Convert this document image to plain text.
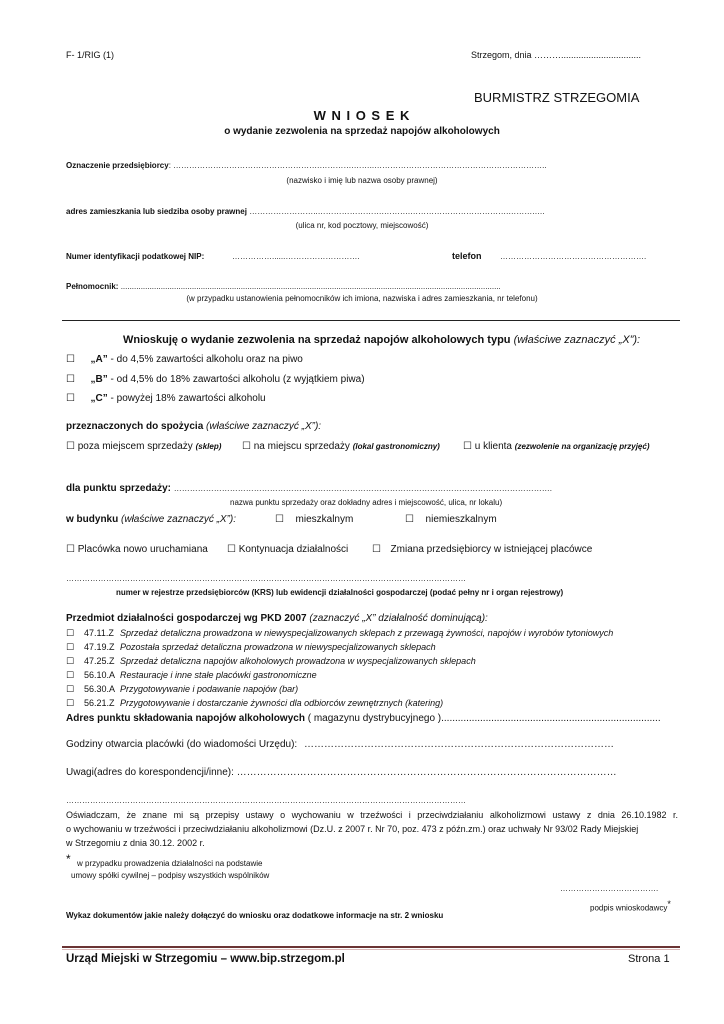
F- 1/RIG (1)	Strzegom, dnia ………................................
BURMISTRZ STRZEGOMIA
W N I O S E K
o wydanie zezwolenia na sprzedaż napojów alkoholowych
Oznaczenie przedsiębiorcy: ……………………………………………….………….……..………………………………………………………..
(nazwisko i imię lub nazwa osoby prawnej)
adres zamieszkania lub siedziba osoby prawnej ……………………..…………………….……….……………………………….……….….
(ulica nr, kod pocztowy, miejscowość)
Numer identyfikacji podatkowej NIP:	……………......……………………….	telefon ……………………………………………….
Pełnomocnik: ...........................................................................................................................................................................
(w przypadku ustanowienia pełnomocników ich imiona, nazwiska i adres zamieszkania, nr telefonu)
Wnioskuję o wydanie zezwolenia na sprzedaż napojów alkoholowych typu (właściwe zaznaczyć „X”):
☐ „A” - do 4,5% zawartości alkoholu oraz na piwo
☐ „B” - od 4,5% do 18% zawartości alkoholu (z wyjątkiem piwa)
☐ „C” - powyżej 18% zawartości alkoholu
przeznaczonych do spożycia (właściwe zaznaczyć „X”):
☐ poza miejscem sprzedaży (sklep) ☐ na miejscu sprzedaży (lokal gastronomiczny) ☐ u klienta (zezwolenie na organizację przyjęć)
dla punktu sprzedaży: …………………………………………………………………………………………………………………………….
nazwa punktu sprzedaży oraz dokładny adres i miejscowość, ulica, nr lokalu)
w budynku (właściwe zaznaczyć „X”):	☐ mieszkalnym	☐ niemieszkalnym
☐ Placówka nowo uruchamiana ☐ Kontynuacja działalności ☐ Zmiana przedsiębiorcy w istniejącej placówce
……………………………………………………………………………………………………………………………………
numer w rejestrze przedsiębiorców (KRS) lub ewidencji działalności gospodarczej (podać pełny nr i organ rejestrowy)
Przedmiot działalności gospodarczej wg PKD 2007 (zaznaczyć „X” działalność dominującą):
☐ 47.11.Z Sprzedaż detaliczna prowadzona w niewyspecjalizowanych sklepach z przewagą żywności, napojów i wyrobów tytoniowych
☐ 47.19.Z Pozostała sprzedaż detaliczna prowadzona w niewyspecjalizowanych sklepach
☐ 47.25.Z Sprzedaż detaliczna napojów alkoholowych prowadzona w wyspecjalizowanych sklepach
☐ 56.10.A Restauracje i inne stałe placówki gastronomiczne
☐ 56.30.A Przygotowywanie i podawanie napojów (bar)
☐ 56.21.Z Przygotowywanie i dostarczanie żywności dla odbiorców zewnętrznych (katering)
Adres punktu składowania napojów alkoholowych ( magazynu dystrybucyjnego )...............................................................................
Godziny otwarcia placówki (do wiadomości Urzędu): …………………………………………………………………………………
Uwagi(adres do korespondencji/inne): ……………………………………………………………………………………………………
……………………………………………………………………………………………………………………………………
Oświadczam, że znane mi są przepisy ustawy o wychowaniu w trzeźwości i przeciwdziałaniu alkoholizmowi ustawy z dnia 26.10.1982 r.
o wychowaniu w trzeźwości i przeciwdziałaniu alkoholizmowi (Dz.U. z 2007 r. Nr 70, poz. 473 z późn.zm.) oraz uchwały Nr 93/02 Rady Miejskiej
w Strzegomiu z dnia 30.12. 2002 r.
* w przypadku prowadzenia działalności na podstawie
umowy spółki cywilnej – podpisy wszystkich wspólników
……………………………….
podpis wnioskodawcy*
Wykaz dokumentów jakie należy dołączyć do wniosku oraz dodatkowe informacje na str. 2 wniosku
Urząd Miejski w Strzegomiu – www.bip.strzegom.pl	Strona 1
